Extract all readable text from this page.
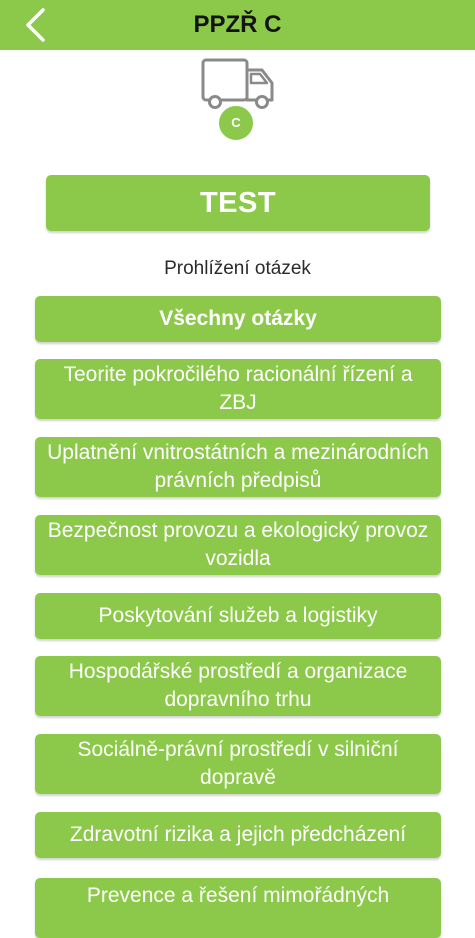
PPZŘ C
C
TEST
Prohlížení otázek
Všechny otázky
Teorite pokročilého racionální řízení a ZBJ
Uplatnění vnitrostátních a mezinárodních právních předpisů
Bezpečnost provozu a ekologický provoz vozidla
Poskytování služeb a logistiky
Hospodářské prostředí a organizace dopravního trhu
Sociálně-právní prostředí v silniční dopravě
Zdravotní rizika a jejich předcházení
Prevence a řešení mimořádných
